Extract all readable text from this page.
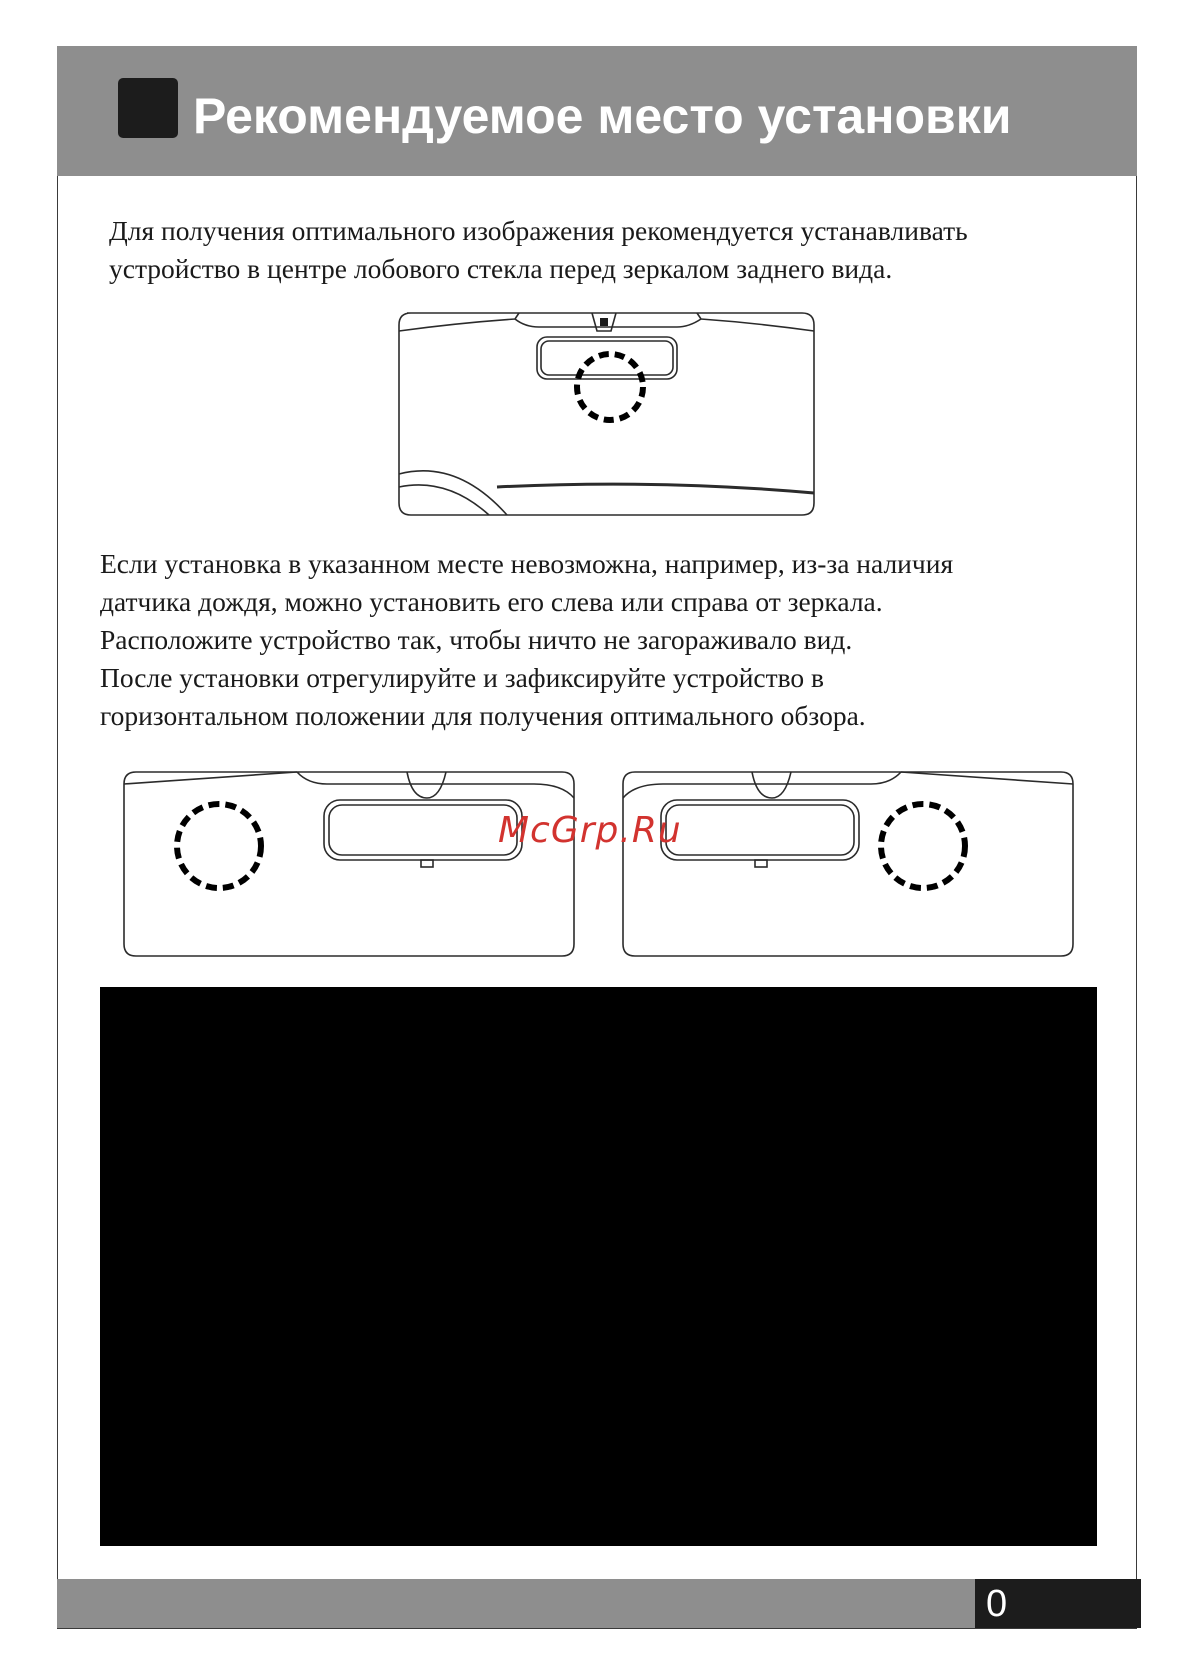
Рекомендуемое место установки

Для получения оптимального изображения рекомендуется устанавливать
устройство в центре лобового стекла перед зеркалом заднего вида.

Если установка в указанном месте невозможна, например, из-за наличия
датчика дождя, можно установить его слева или справа от зеркала.
Расположите устройство так, чтобы ничто не загораживало вид.
После установки отрегулируйте и зафиксируйте устройство в
горизонтальном положении для получения оптимального обзора.

McGrp.Ru

0
